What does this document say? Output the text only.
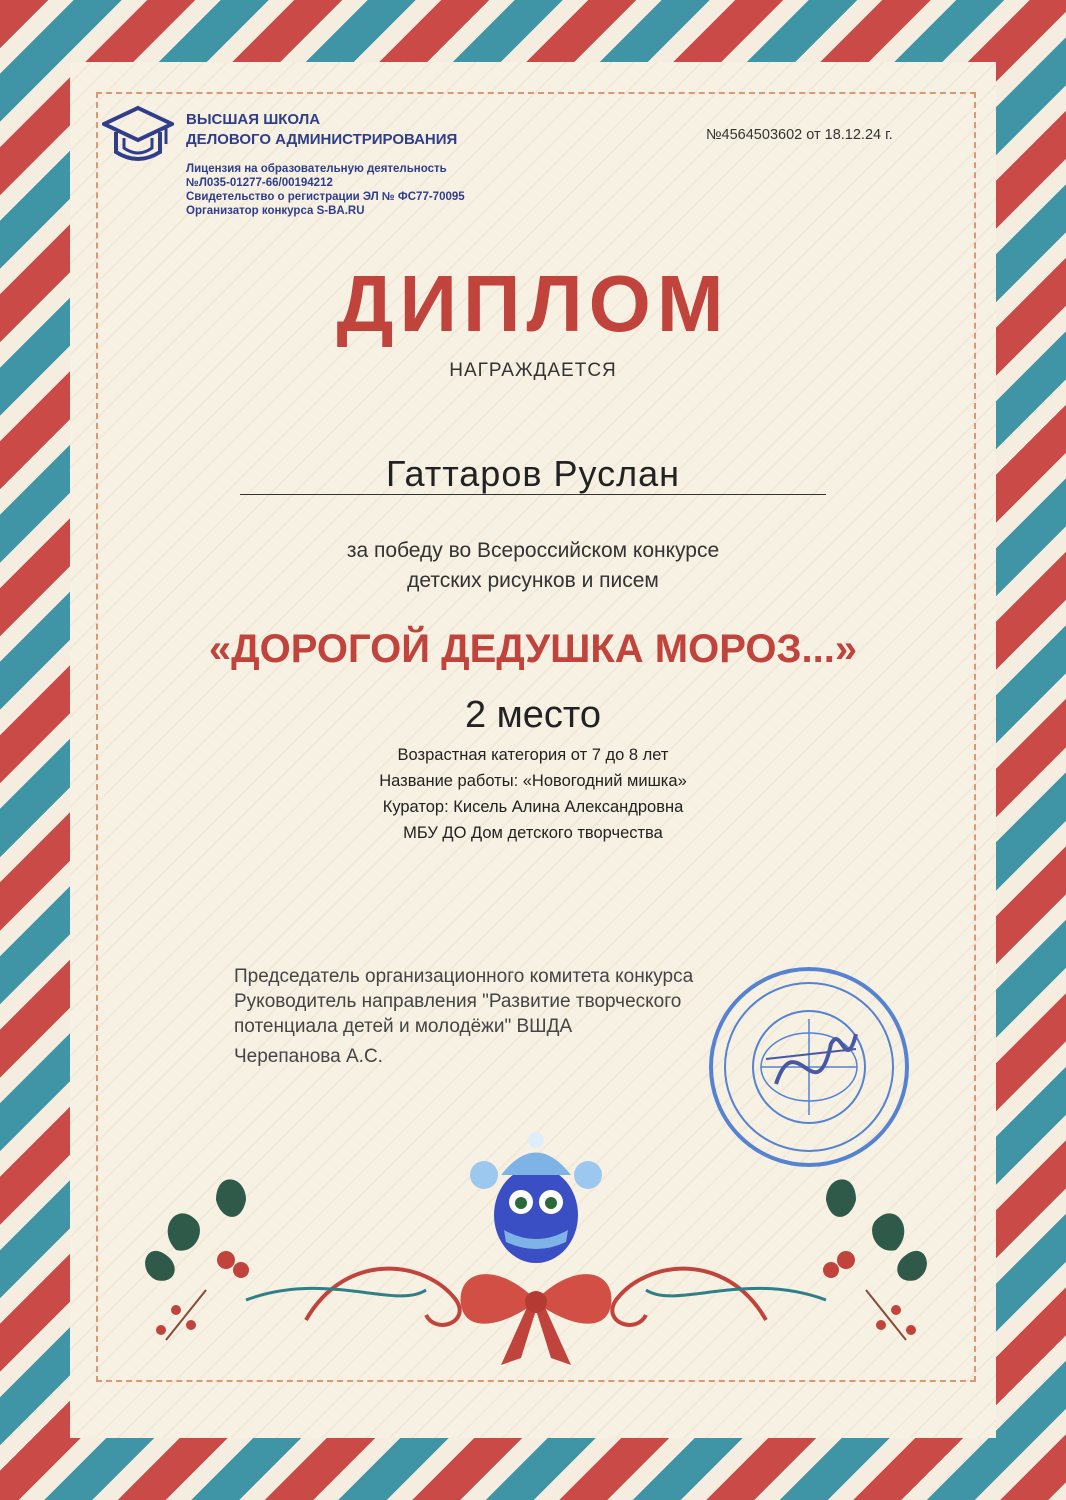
ВЫСШАЯ ШКОЛА
ДЕЛОВОГО АДМИНИСТРИРОВАНИЯ
Лицензия на образовательную деятельность
№Л035-01277-66/00194212
Свидетельство о регистрации ЭЛ № ФС77-70095
Организатор конкурса S-BA.RU
№4564503602 от 18.12.24 г.
ДИПЛОМ
НАГРАЖДАЕТСЯ
Гаттаров Руслан
за победу во Всероссийском конкурсе
детских рисунков и писем
«ДОРОГОЙ ДЕДУШКА МОРОЗ...»
2 место
Возрастная категория от 7 до 8 лет
Название работы: «Новогодний мишка»
Куратор: Кисель Алина Александровна
МБУ ДО Дом детского творчества
Председатель организационного комитета конкурса
Руководитель направления "Развитие творческого
потенциала детей и молодёжи" ВШДА
Черепанова А.С.
